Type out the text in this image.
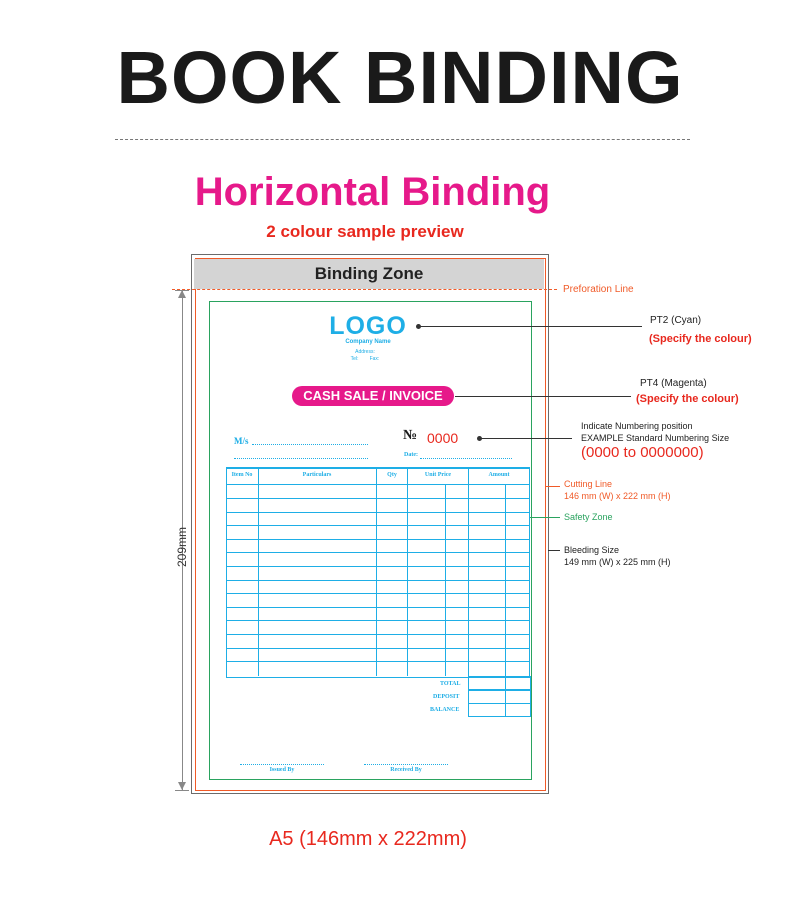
BOOK BINDING
Horizontal Binding
2 colour sample preview
Binding Zone
209mm
LOGO
Company Name
Address:
Tel: Fax:
CASH SALE / INVOICE
M/s	№ 0000
Date:
Item No	Particulars	Qty	Unit Price	Amount
TOTAL
DEPOSIT
BALANCE
Issued By	Received By
Preforation Line
PT2 (Cyan)
(Specify the colour)
PT4 (Magenta)
(Specify the colour)
Indicate Numbering position
EXAMPLE Standard Numbering Size
(0000 to 0000000)
Cutting Line
146 mm (W) x 222 mm (H)
Safety Zone
Bleeding Size
149 mm (W) x 225 mm (H)
A5 (146mm x 222mm)
